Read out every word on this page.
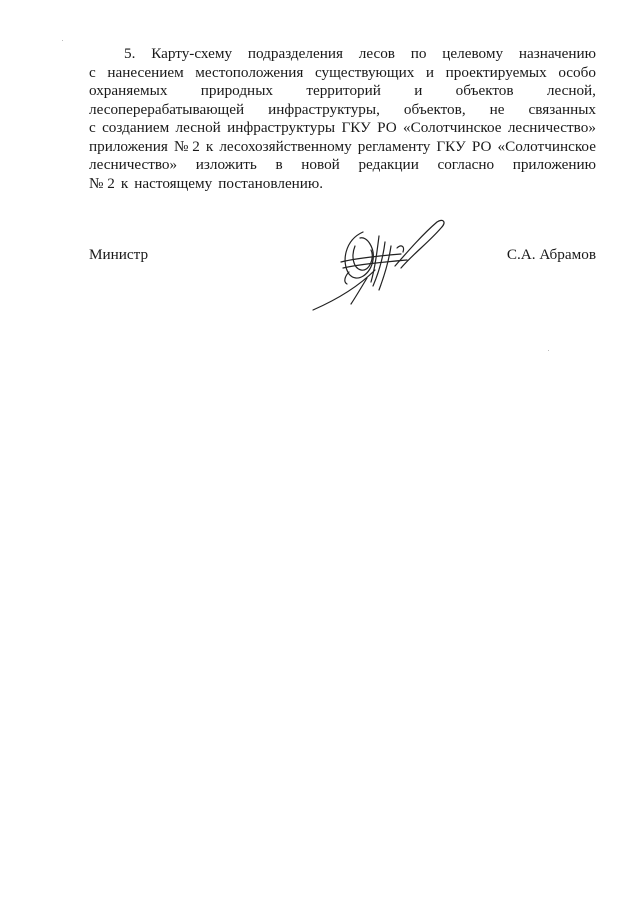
5. Карту-схему подразделения лесов по целевому назначению
с нанесением местоположения существующих и проектируемых особо
охраняемых природных территорий и объектов лесной,
лесоперерабатывающей инфраструктуры, объектов, не связанных
с созданием лесной инфраструктуры ГКУ РО «Солотчинское лесничество»
приложения № 2 к лесохозяйственному регламенту ГКУ РО «Солотчинское
лесничество» изложить в новой редакции согласно приложению
№ 2 к настоящему постановлению.
Министр	С.А. Абрамов
